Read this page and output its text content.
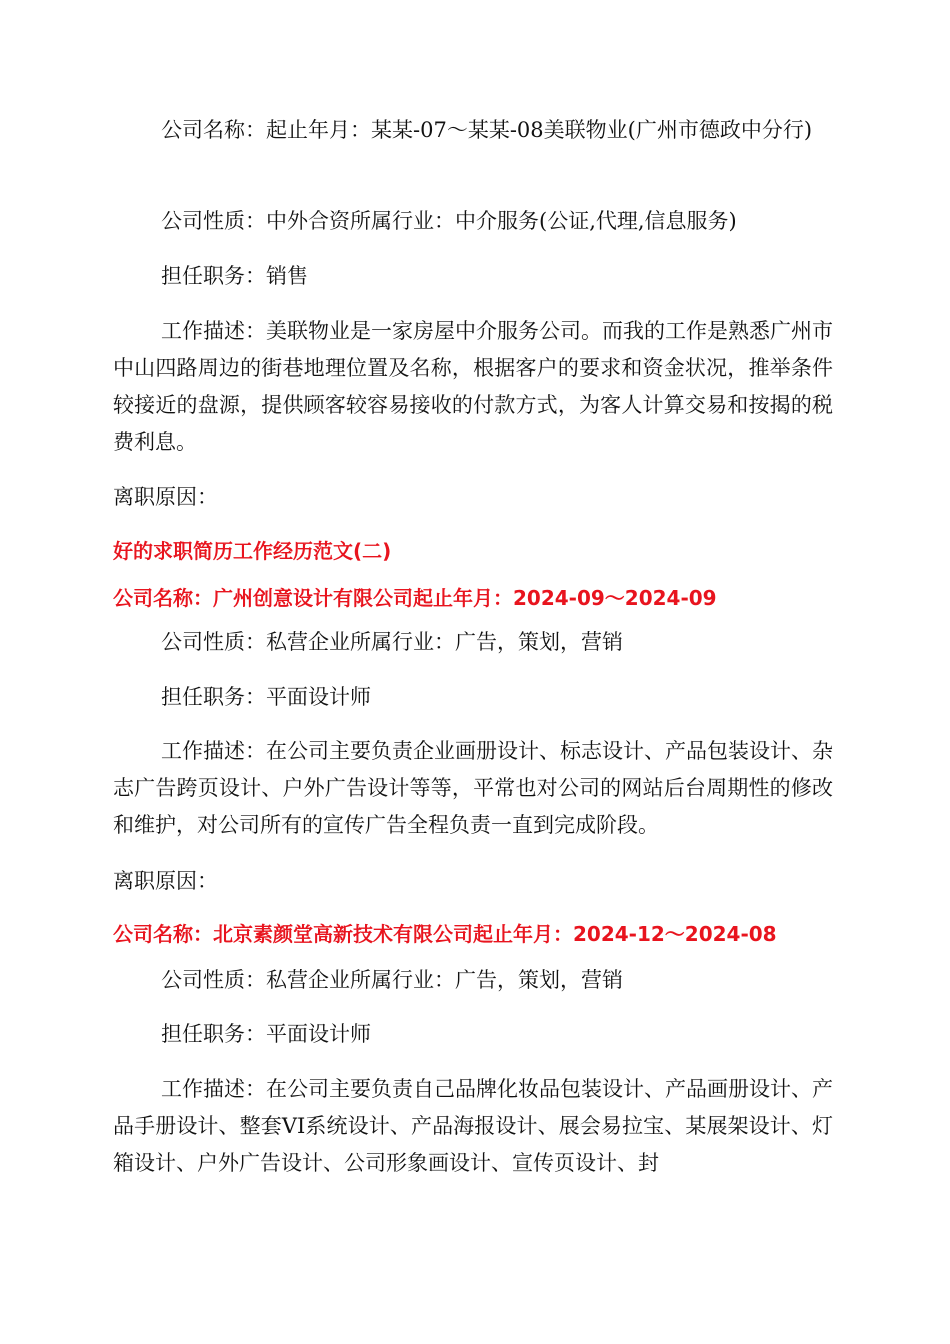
公司名称：起止年月：某某-07～某某-08美联物业(广州市德政中分行)

公司性质：中外合资所属行业：中介服务(公证,代理,信息服务)

担任职务：销售

工作描述：美联物业是一家房屋中介服务公司。而我的工作是熟悉广州市中山四路周边的街巷地理位置及名称，根据客户的要求和资金状况，推举条件较接近的盘源，提供顾客较容易接收的付款方式，为客人计算交易和按揭的税费利息。

离职原因：

好的求职简历工作经历范文(二)
公司名称：广州创意设计有限公司起止年月：2024-09～2024-09

公司性质：私营企业所属行业：广告，策划，营销

担任职务：平面设计师

工作描述：在公司主要负责企业画册设计、标志设计、产品包装设计、杂志广告跨页设计、户外广告设计等等，平常也对公司的网站后台周期性的修改和维护，对公司所有的宣传广告全程负责一直到完成阶段。

离职原因：

公司名称：北京素颜堂高新技术有限公司起止年月：2024-12～2024-08

公司性质：私营企业所属行业：广告，策划，营销

担任职务：平面设计师

工作描述：在公司主要负责自己品牌化妆品包装设计、产品画册设计、产品手册设计、整套VI系统设计、产品海报设计、展会易拉宝、某展架设计、灯箱设计、户外广告设计、公司形象画设计、宣传页设计、封
